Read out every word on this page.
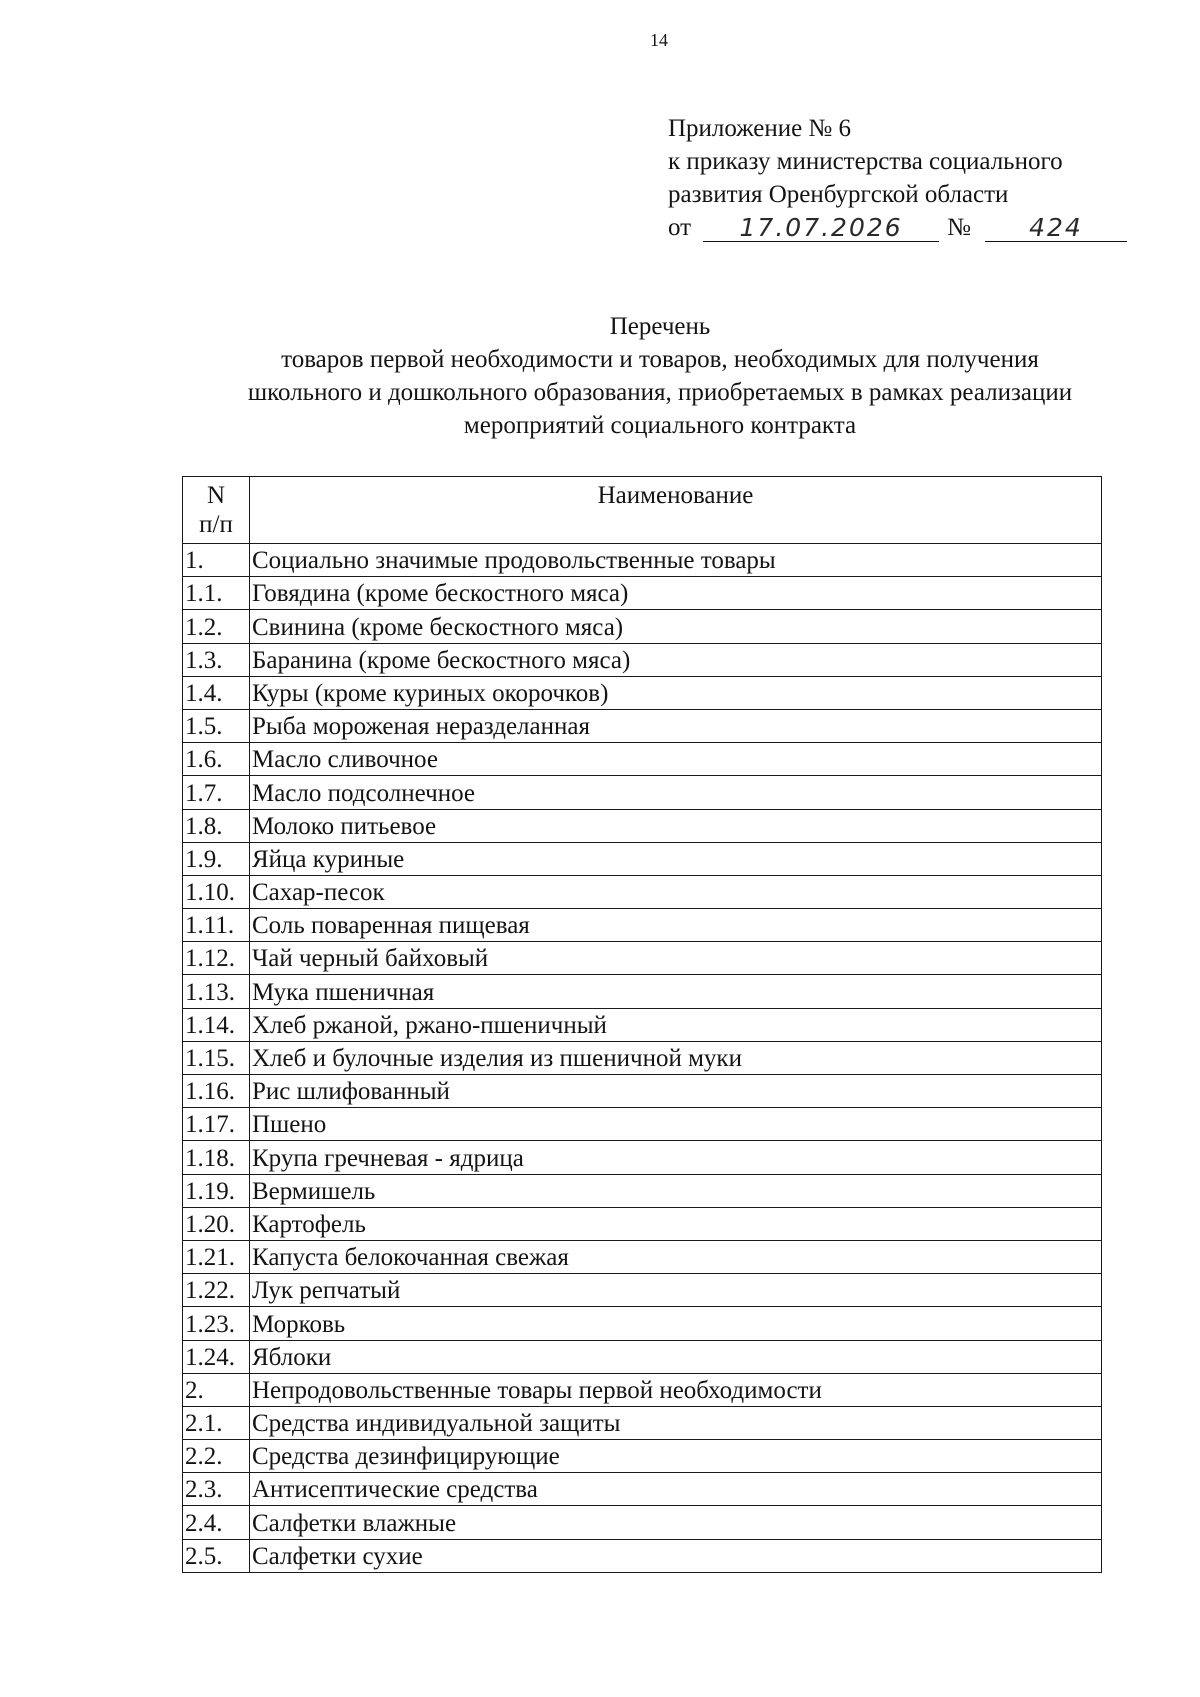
14
Приложение № 6
к приказу министерства социального
развития Оренбургской области
от	17.07.2026	№	424
Перечень
товаров первой необходимости и товаров, необходимых для получения
школьного и дошкольного образования, приобретаемых в рамках реализации
мероприятий социального контракта
N
п/п	Наименование
1.	Социально значимые продовольственные товары
1.1.	Говядина (кроме бескостного мяса)
1.2.	Свинина (кроме бескостного мяса)
1.3.	Баранина (кроме бескостного мяса)
1.4.	Куры (кроме куриных окорочков)
1.5.	Рыба мороженая неразделанная
1.6.	Масло сливочное
1.7.	Масло подсолнечное
1.8.	Молоко питьевое
1.9.	Яйца куриные
1.10.	Сахар-песок
1.11.	Соль поваренная пищевая
1.12.	Чай черный байховый
1.13.	Мука пшеничная
1.14.	Хлеб ржаной, ржано-пшеничный
1.15.	Хлеб и булочные изделия из пшеничной муки
1.16.	Рис шлифованный
1.17.	Пшено
1.18.	Крупа гречневая - ядрица
1.19.	Вермишель
1.20.	Картофель
1.21.	Капуста белокочанная свежая
1.22.	Лук репчатый
1.23.	Морковь
1.24.	Яблоки
2.	Непродовольственные товары первой необходимости
2.1.	Средства индивидуальной защиты
2.2.	Средства дезинфицирующие
2.3.	Антисептические средства
2.4.	Салфетки влажные
2.5.	Салфетки сухие
